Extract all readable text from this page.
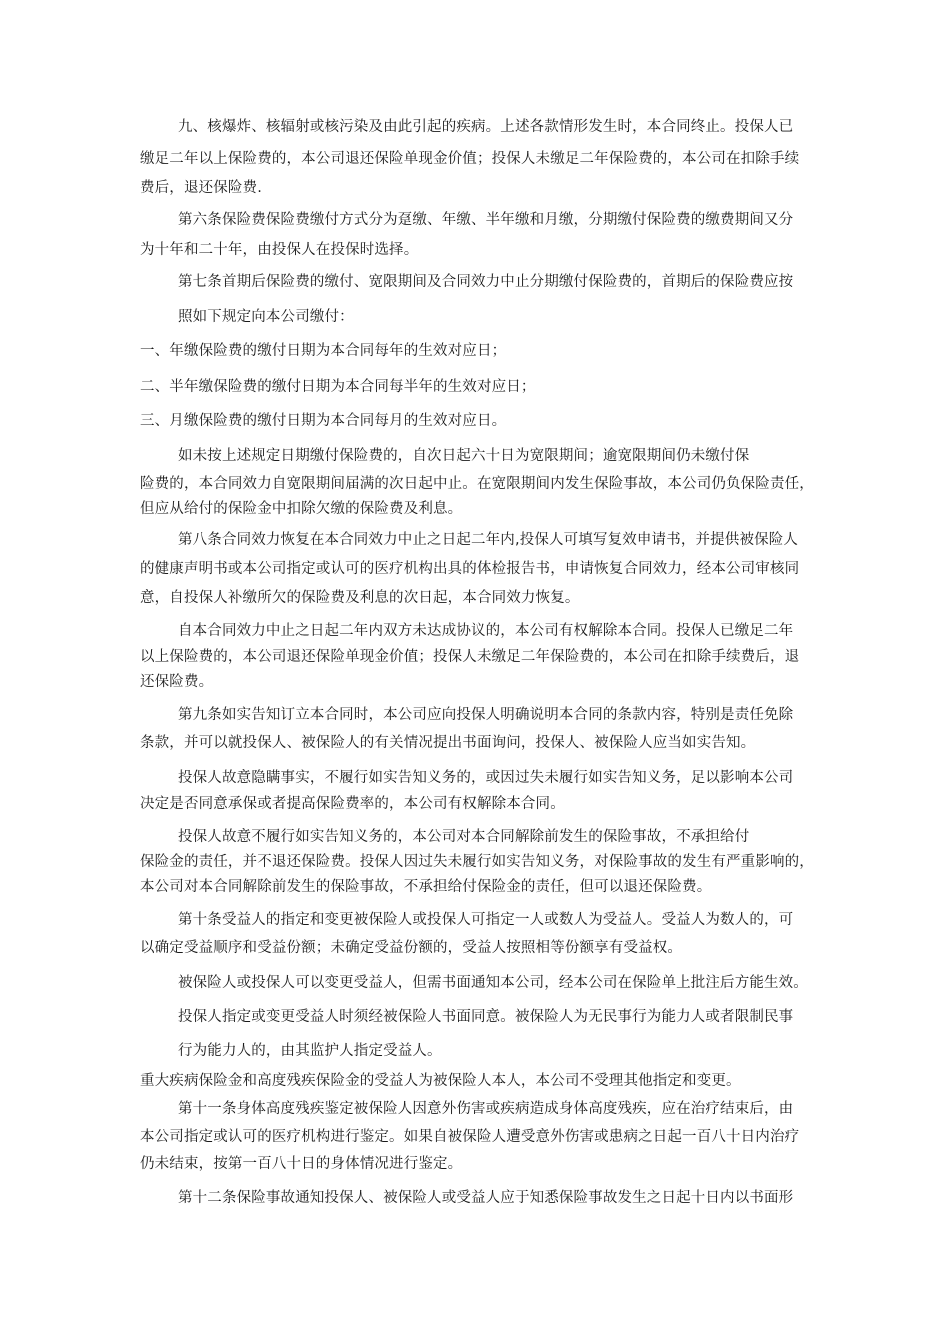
九、核爆炸、核辐射或核污染及由此引起的疾病。上述各款情形发生时，本合同终止。投保人已
缴足二年以上保险费的，本公司退还保险单现金价值；投保人未缴足二年保险费的，本公司在扣除手续
费后，退还保险费.
第六条保险费保险费缴付方式分为趸缴、年缴、半年缴和月缴，分期缴付保险费的缴费期间又分
为十年和二十年，由投保人在投保时选择。
第七条首期后保险费的缴付、宽限期间及合同效力中止分期缴付保险费的，首期后的保险费应按
照如下规定向本公司缴付：
一、年缴保险费的缴付日期为本合同每年的生效对应日；
二、半年缴保险费的缴付日期为本合同每半年的生效对应日；
三、月缴保险费的缴付日期为本合同每月的生效对应日。
如未按上述规定日期缴付保险费的，自次日起六十日为宽限期间；逾宽限期间仍未缴付保
险费的，本合同效力自宽限期间届满的次日起中止。在宽限期间内发生保险事故，本公司仍负保险责任，
但应从给付的保险金中扣除欠缴的保险费及利息。
第八条合同效力恢复在本合同效力中止之日起二年内,投保人可填写复效申请书，并提供被保险人
的健康声明书或本公司指定或认可的医疗机构出具的体检报告书，申请恢复合同效力，经本公司审核同
意，自投保人补缴所欠的保险费及利息的次日起，本合同效力恢复。
自本合同效力中止之日起二年内双方未达成协议的，本公司有权解除本合同。投保人已缴足二年
以上保险费的，本公司退还保险单现金价值；投保人未缴足二年保险费的，本公司在扣除手续费后，退
还保险费。
第九条如实告知订立本合同时，本公司应向投保人明确说明本合同的条款内容，特别是责任免除
条款，并可以就投保人、被保险人的有关情况提出书面询问，投保人、被保险人应当如实告知。
投保人故意隐瞒事实，不履行如实告知义务的，或因过失未履行如实告知义务，足以影响本公司
决定是否同意承保或者提高保险费率的，本公司有权解除本合同。
投保人故意不履行如实告知义务的，本公司对本合同解除前发生的保险事故，不承担给付
保险金的责任，并不退还保险费。投保人因过失未履行如实告知义务，对保险事故的发生有严重影响的，
本公司对本合同解除前发生的保险事故，不承担给付保险金的责任，但可以退还保险费。
第十条受益人的指定和变更被保险人或投保人可指定一人或数人为受益人。受益人为数人的，可
以确定受益顺序和受益份额；未确定受益份额的，受益人按照相等份额享有受益权。
被保险人或投保人可以变更受益人，但需书面通知本公司，经本公司在保险单上批注后方能生效。
投保人指定或变更受益人时须经被保险人书面同意。被保险人为无民事行为能力人或者限制民事
行为能力人的，由其监护人指定受益人。
重大疾病保险金和高度残疾保险金的受益人为被保险人本人，本公司不受理其他指定和变更。
第十一条身体高度残疾鉴定被保险人因意外伤害或疾病造成身体高度残疾，应在治疗结束后，由
本公司指定或认可的医疗机构进行鉴定。如果自被保险人遭受意外伤害或患病之日起一百八十日内治疗
仍未结束，按第一百八十日的身体情况进行鉴定。
第十二条保险事故通知投保人、被保险人或受益人应于知悉保险事故发生之日起十日内以书面形
